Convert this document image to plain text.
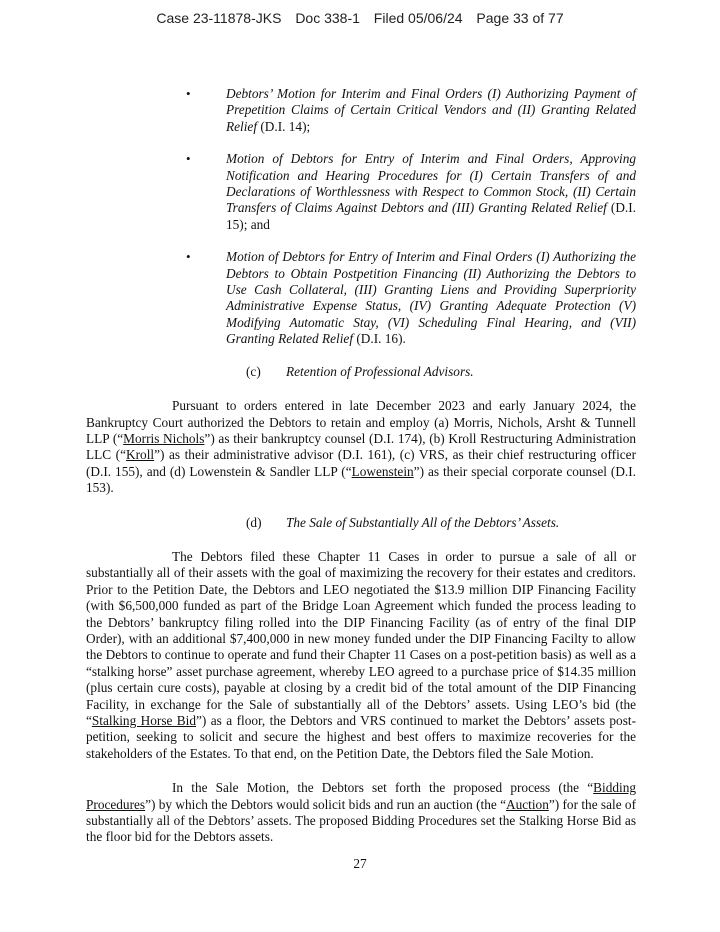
Case 23-11878-JKS Doc 338-1 Filed 05/06/24 Page 33 of 77
•	Debtors’ Motion for Interim and Final Orders (I) Authorizing Payment of Prepetition Claims of Certain Critical Vendors and (II) Granting Related Relief (D.I. 14);
•	Motion of Debtors for Entry of Interim and Final Orders, Approving Notification and Hearing Procedures for (I) Certain Transfers of and Declarations of Worthlessness with Respect to Common Stock, (II) Certain Transfers of Claims Against Debtors and (III) Granting Related Relief (D.I. 15); and
•	Motion of Debtors for Entry of Interim and Final Orders (I) Authorizing the Debtors to Obtain Postpetition Financing (II) Authorizing the Debtors to Use Cash Collateral, (III) Granting Liens and Providing Superpriority Administrative Expense Status, (IV) Granting Adequate Protection (V) Modifying Automatic Stay, (VI) Scheduling Final Hearing, and (VII) Granting Related Relief (D.I. 16).
(c) Retention of Professional Advisors.

Pursuant to orders entered in late December 2023 and early January 2024, the Bankruptcy Court authorized the Debtors to retain and employ (a) Morris, Nichols, Arsht & Tunnell LLP (“Morris Nichols”) as their bankruptcy counsel (D.I. 174), (b) Kroll Restructuring Administration LLC (“Kroll”) as their administrative advisor (D.I. 161), (c) VRS, as their chief restructuring officer (D.I. 155), and (d) Lowenstein & Sandler LLP (“Lowenstein”) as their special corporate counsel (D.I. 153).

(d) The Sale of Substantially All of the Debtors’ Assets.

The Debtors filed these Chapter 11 Cases in order to pursue a sale of all or substantially all of their assets with the goal of maximizing the recovery for their estates and creditors. Prior to the Petition Date, the Debtors and LEO negotiated the $13.9 million DIP Financing Facility (with $6,500,000 funded as part of the Bridge Loan Agreement which funded the process leading to the Debtors’ bankruptcy filing rolled into the DIP Financing Facility (as of entry of the final DIP Order), with an additional $7,400,000 in new money funded under the DIP Financing Facilty to allow the Debtors to continue to operate and fund their Chapter 11 Cases on a post-petition basis) as well as a “stalking horse” asset purchase agreement, whereby LEO agreed to a purchase price of $14.35 million (plus certain cure costs), payable at closing by a credit bid of the total amount of the DIP Financing Facility, in exchange for the Sale of substantially all of the Debtors’ assets. Using LEO’s bid (the “Stalking Horse Bid”) as a floor, the Debtors and VRS continued to market the Debtors’ assets post-petition, seeking to solicit and secure the highest and best offers to maximize recoveries for the stakeholders of the Estates. To that end, on the Petition Date, the Debtors filed the Sale Motion.

In the Sale Motion, the Debtors set forth the proposed process (the “Bidding Procedures”) by which the Debtors would solicit bids and run an auction (the “Auction”) for the sale of substantially all of the Debtors’ assets. The proposed Bidding Procedures set the Stalking Horse Bid as the floor bid for the Debtors assets.

27
